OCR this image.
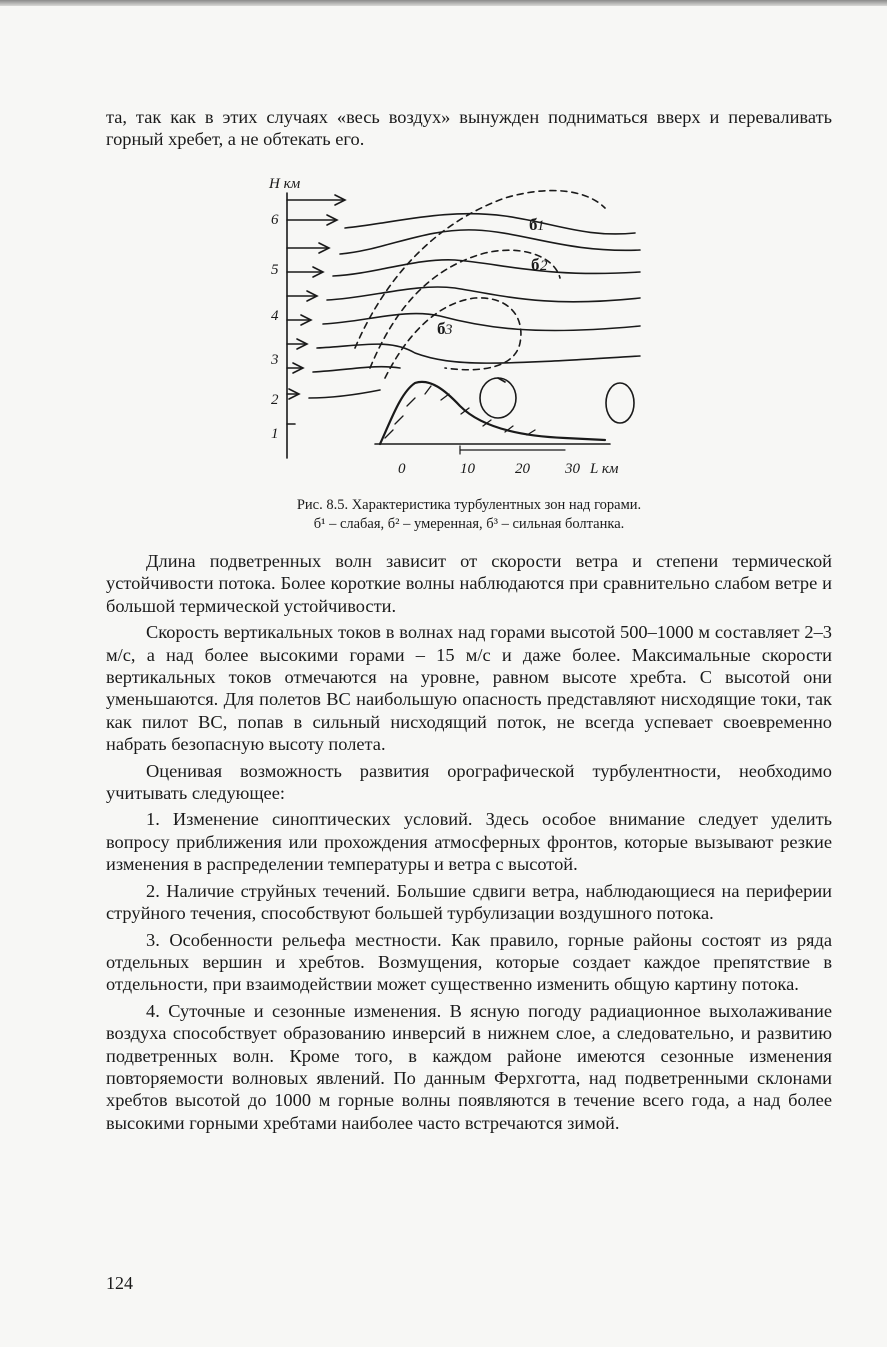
та, так как в этих случаях «весь воздух» вынужден подниматься вверх и переваливать горный хребет, а не обтекать его.

Н км
6
5
4
3
2
1
0	10	20 30 L км
1
2
3
б
б
б
Рис. 8.5. Характеристика турбулентных зон над горами.
б¹ – слабая, б² – умеренная, б³ – сильная болтанка.

Длина подветренных волн зависит от скорости ветра и степени термической устойчивости потока. Более короткие волны наблюдаются при сравнительно слабом ветре и большой термической устойчивости.

Скорость вертикальных токов в волнах над горами высотой 500–1000 м составляет 2–3 м/с, а над более высокими горами – 15 м/с и даже более. Максимальные скорости вертикальных токов отмечаются на уровне, равном высоте хребта. С высотой они уменьшаются. Для полетов ВС наибольшую опасность представляют нисходящие токи, так как пилот ВС, попав в сильный нисходящий поток, не всегда успевает своевременно набрать безопасную высоту полета.

Оценивая возможность развития орографической турбулентности, необходимо учитывать следующее:

1. Изменение синоптических условий. Здесь особое внимание следует уделить вопросу приближения или прохождения атмосферных фронтов, которые вызывают резкие изменения в распределении температуры и ветра с высотой.

2. Наличие струйных течений. Большие сдвиги ветра, наблюдающиеся на периферии струйного течения, способствуют большей турбулизации воздушного потока.

3. Особенности рельефа местности. Как правило, горные районы состоят из ряда отдельных вершин и хребтов. Возмущения, которые создает каждое препятствие в отдельности, при взаимодействии может существенно изменить общую картину потока.

4. Суточные и сезонные изменения. В ясную погоду радиационное выхолаживание воздуха способствует образованию инверсий в нижнем слое, а следовательно, и развитию подветренных волн. Кроме того, в каждом районе имеются сезонные изменения повторяемости волновых явлений. По данным Ферхготта, над подветренными склонами хребтов высотой до 1000 м горные волны появляются в течение всего года, а над более высокими горными хребтами наиболее часто встречаются зимой.

124
